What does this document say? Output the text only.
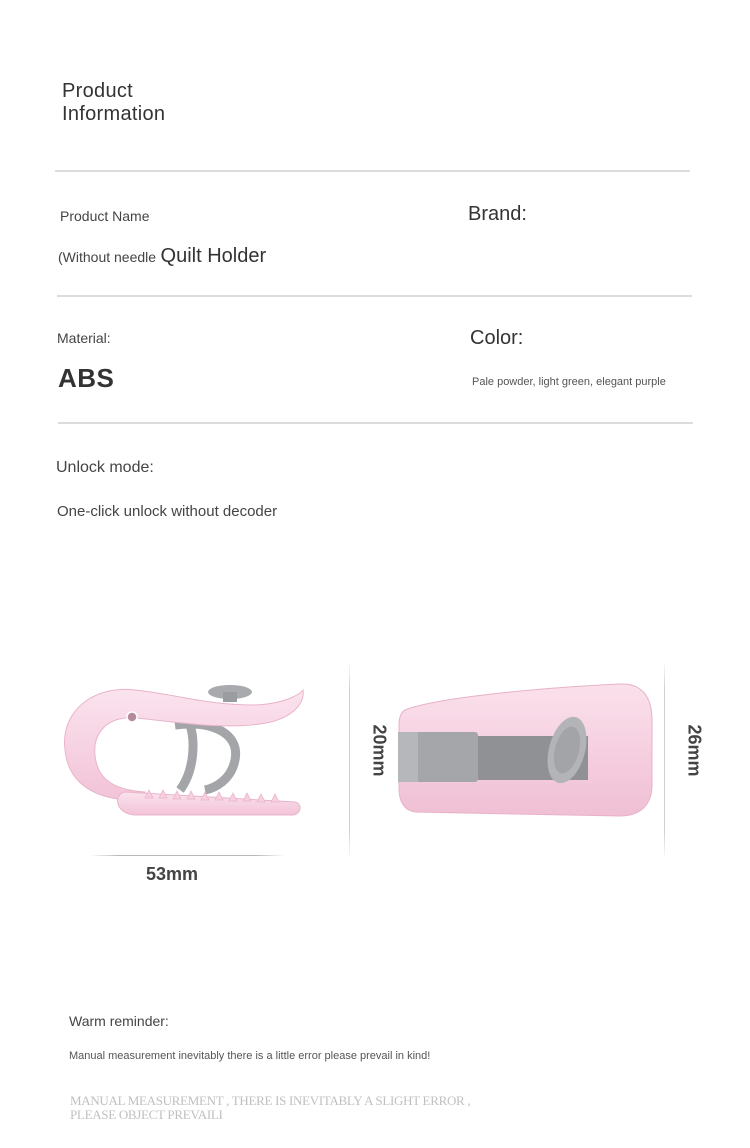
Product
Information
Product Name
(Without needle Quilt Holder
Brand:
Material:
ABS
Color:
Pale powder, light green, elegant purple
Unlock mode:
One-click unlock without decoder
53mm
20mm	26mm
Warm reminder:
Manual measurement inevitably there is a little error please prevail in kind!
MANUAL MEASUREMENT , THERE IS INEVITABLY A SLIGHT ERROR ,
PLEASE OBJECT PREVAILI
